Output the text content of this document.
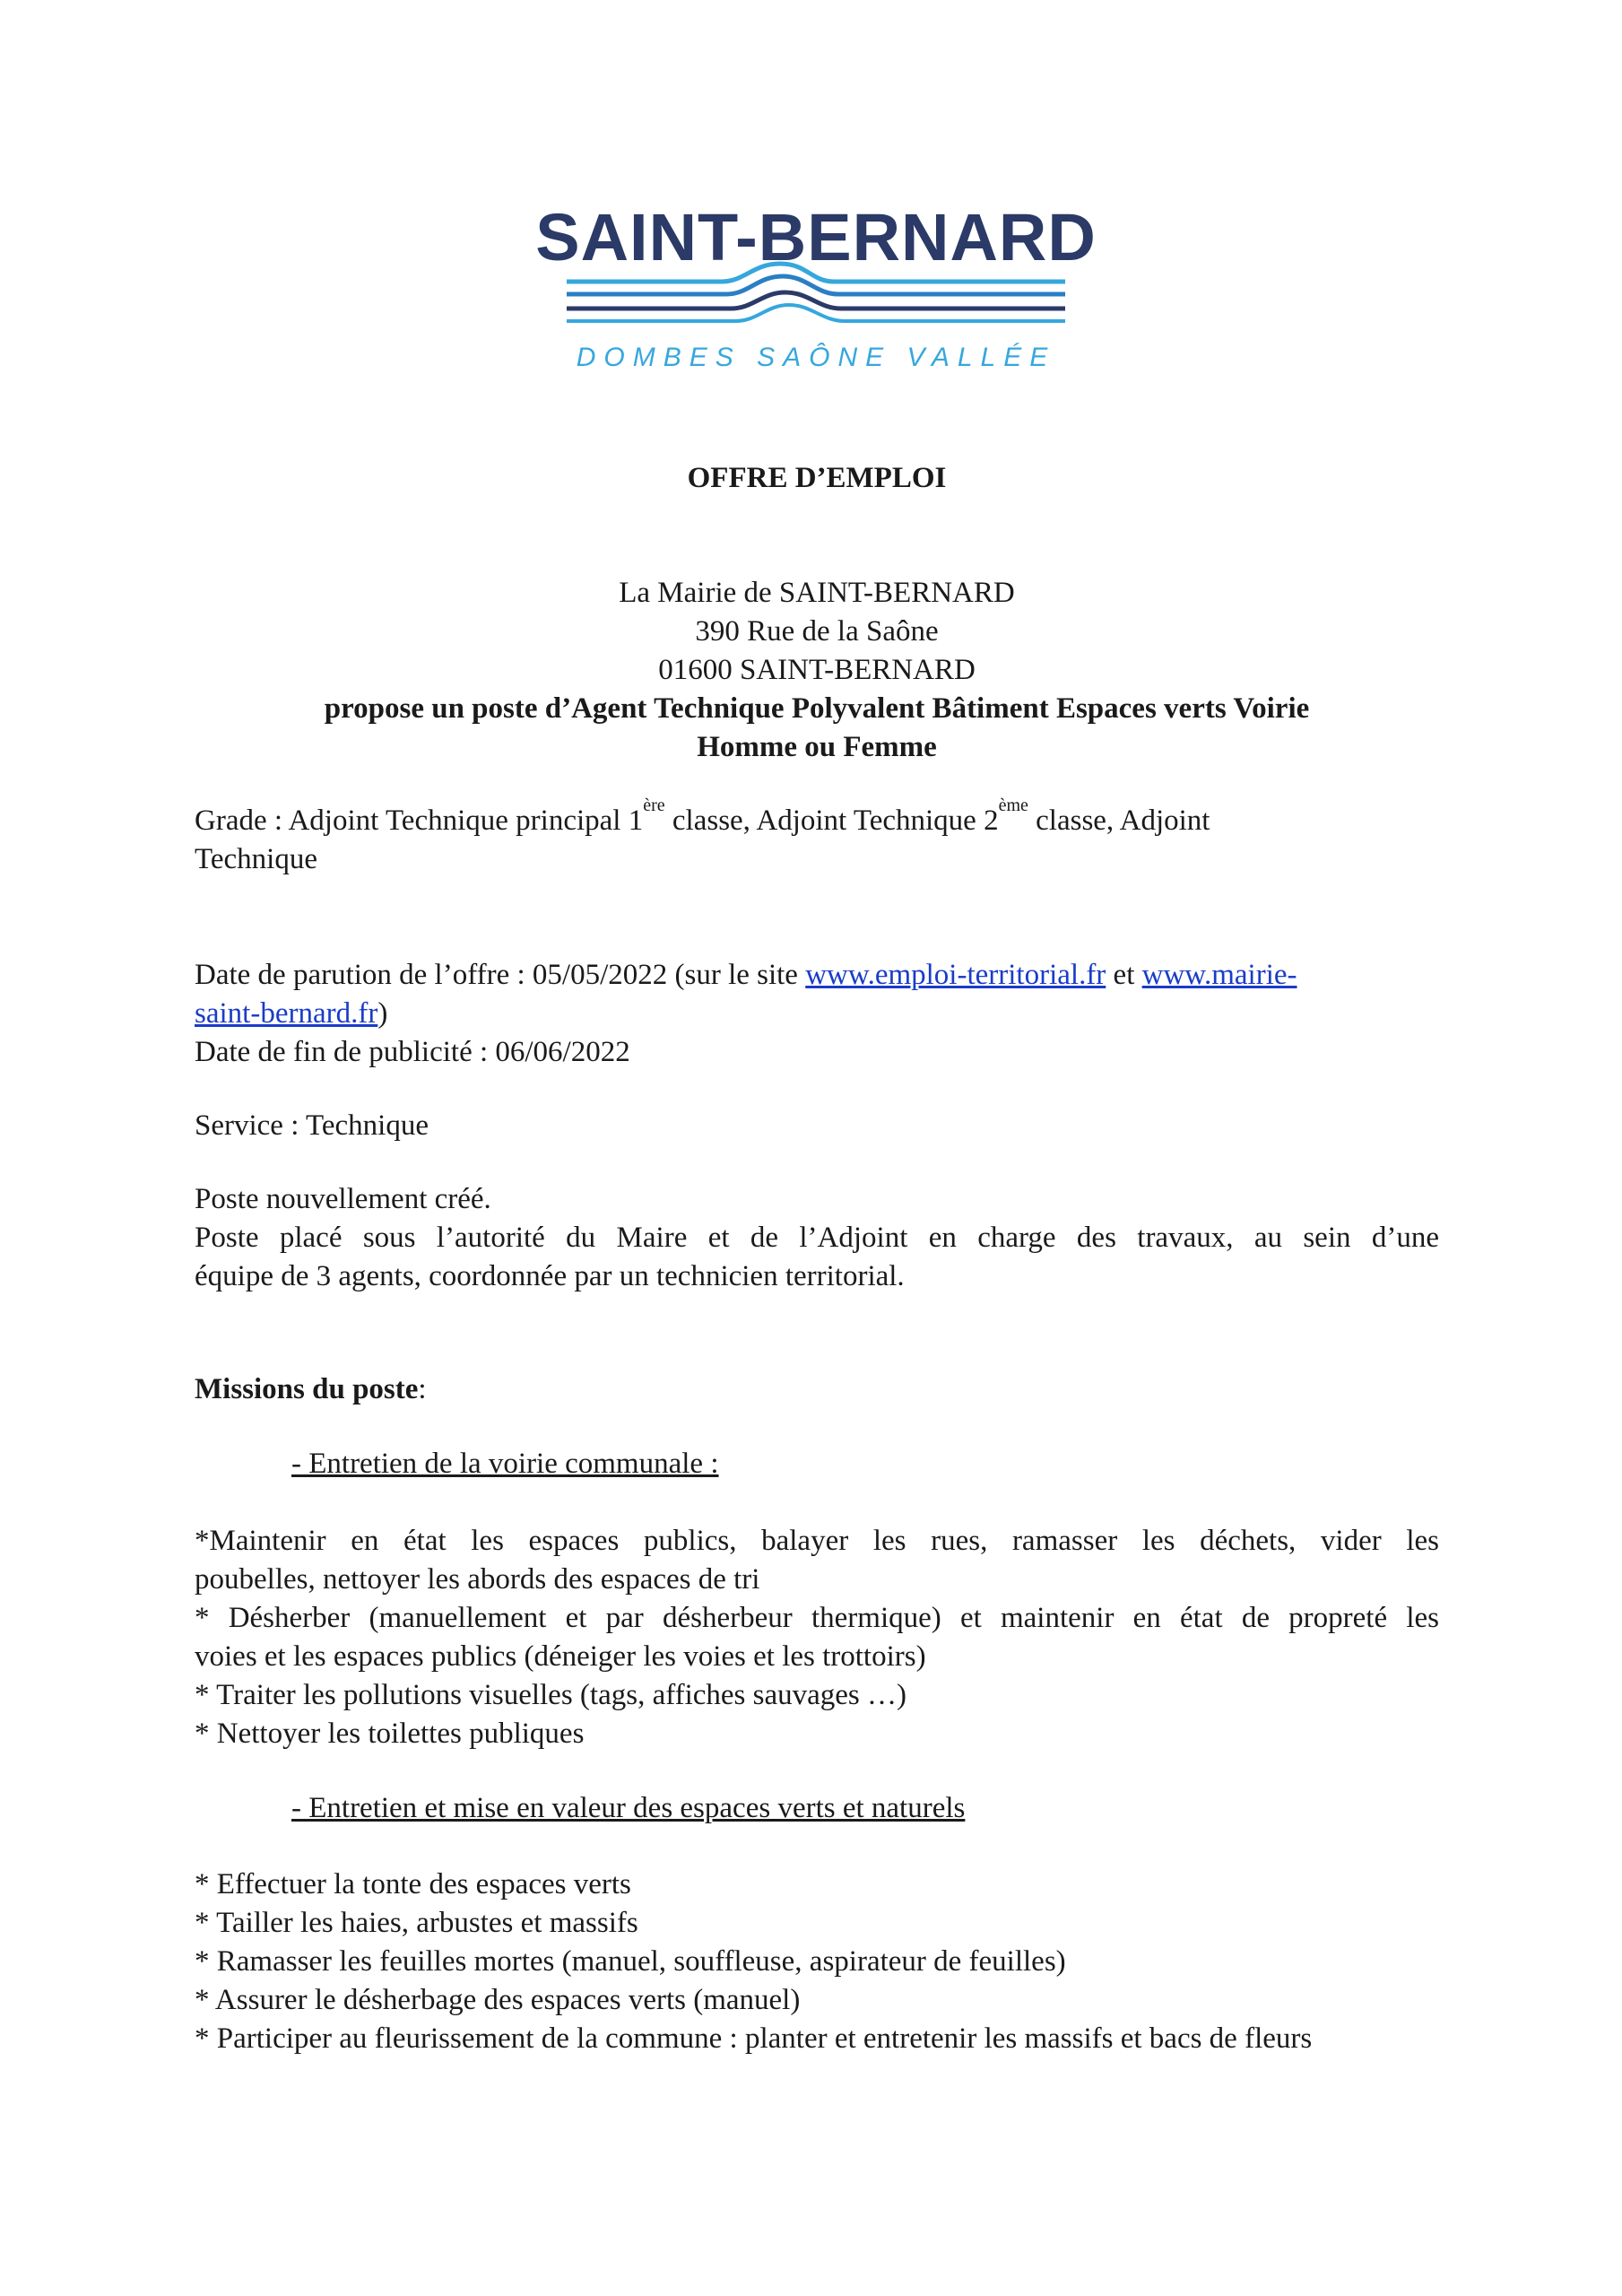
SAINT-BERNARD
DOMBES SAÔNE VALLÉE
OFFRE D’EMPLOI
La Mairie de SAINT-BERNARD
390 Rue de la Saône
01600 SAINT-BERNARD
propose un poste d’Agent Technique Polyvalent Bâtiment Espaces verts Voirie
Homme ou Femme
Grade : Adjoint Technique principal 1ère classe, Adjoint Technique 2ème classe, Adjoint
Technique
Date de parution de l’offre : 05/05/2022 (sur le site www.emploi-territorial.fr et www.mairie-
saint-bernard.fr)
Date de fin de publicité : 06/06/2022
Service : Technique
Poste nouvellement créé.
Poste placé sous l’autorité du Maire et de l’Adjoint en charge des travaux, au sein d’une
équipe de 3 agents, coordonnée par un technicien territorial.
Missions du poste:
- Entretien de la voirie communale :
*Maintenir en état les espaces publics, balayer les rues, ramasser les déchets, vider les
poubelles, nettoyer les abords des espaces de tri
* Désherber (manuellement et par désherbeur thermique) et maintenir en état de propreté les
voies et les espaces publics (déneiger les voies et les trottoirs)
* Traiter les pollutions visuelles (tags, affiches sauvages …)
* Nettoyer les toilettes publiques
- Entretien et mise en valeur des espaces verts et naturels
* Effectuer la tonte des espaces verts
* Tailler les haies, arbustes et massifs
* Ramasser les feuilles mortes (manuel, souffleuse, aspirateur de feuilles)
* Assurer le désherbage des espaces verts (manuel)
* Participer au fleurissement de la commune : planter et entretenir les massifs et bacs de fleurs
